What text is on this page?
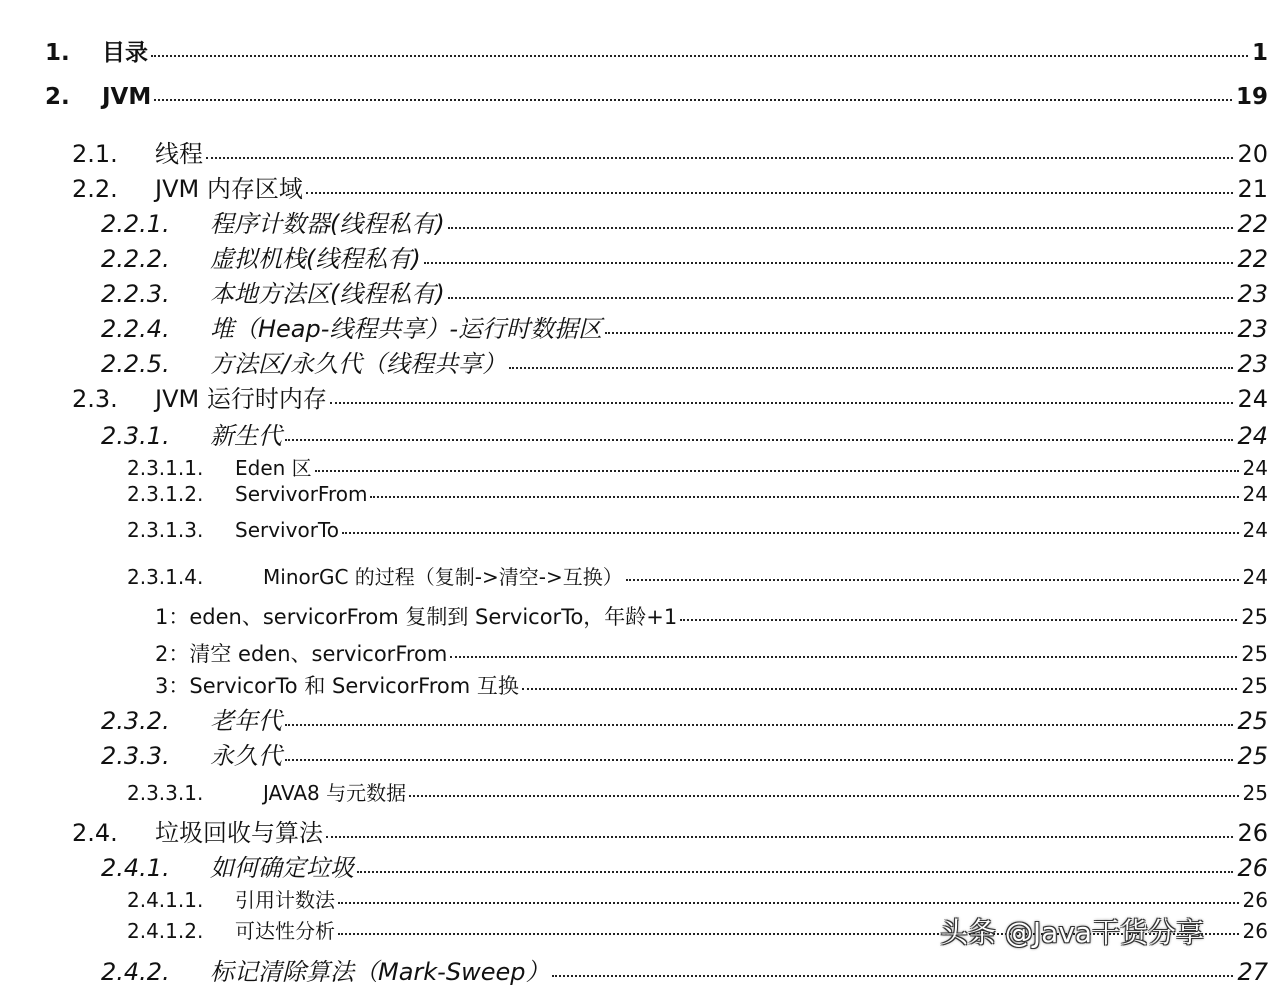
1.	目录	1
2.	JVM	19
2.1.	线程	20
2.2.	JVM 内存区域	21
2.2.1.	程序计数器(线程私有)	22
2.2.2.	虚拟机栈(线程私有)	22
2.2.3.	本地方法区(线程私有)	23
2.2.4.	堆（Heap-线程共享）-运行时数据区	23
2.2.5.	方法区/永久代（线程共享）	23
2.3.	JVM 运行时内存	24
2.3.1.	新生代	24
2.3.1.1.	Eden 区	24
2.3.1.2.	ServivorFrom	24
2.3.1.3.	ServivorTo	24
2.3.1.4.	MinorGC 的过程（复制->清空->互换）	24
1： eden、servicorFrom 复制到 ServicorTo，年龄+1	25
2： 清空 eden、servicorFrom	25
3： ServicorTo 和 ServicorFrom 互换	25
2.3.2.	老年代	25
2.3.3.	永久代	25
2.3.3.1.	JAVA8 与元数据	25
2.4.	垃圾回收与算法	26
2.4.1.	如何确定垃圾	26
2.4.1.1.	引用计数法	26
2.4.1.2.	可达性分析	26
2.4.2.	标记清除算法（Mark-Sweep）	27
头条 @Java干货分享
